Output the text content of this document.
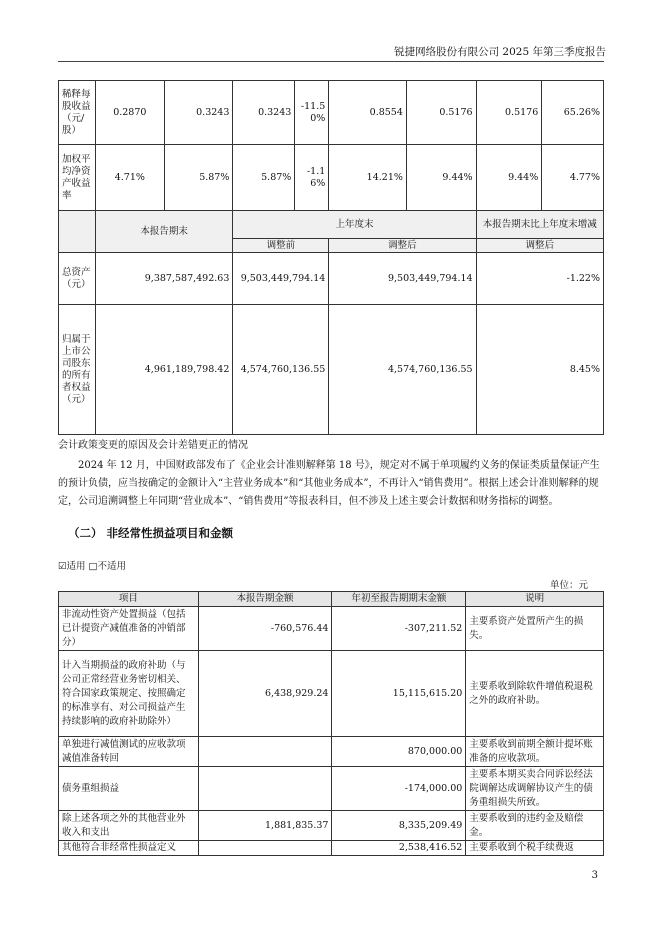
锐捷网络股份有限公司 2025 年第三季度报告
稀释每股收益（元/股）	0.2870	0.3243	0.3243	-11.50%	0.8554	0.5176	0.5176	65.26%
加权平均净资产收益率	4.71%	5.87%	5.87%	-1.16%	14.21%	9.44%	9.44%	4.77%
	本报告期末		上年度末				本报告期末比上年度末增减	
			调整前		调整后		调整后	
总资产（元）	9,387,587,492.63		9,503,449,794.14		9,503,449,794.14		-1.22%	
归属于上市公司股东的所有者权益（元）	4,961,189,798.42		4,574,760,136.55		4,574,760,136.55		8.45%	
会计政策变更的原因及会计差错更正的情况
2024 年 12 月，中国财政部发布了《企业会计准则解释第 18 号》，规定对不属于单项履约义务的保证类质量保证产生的预计负债，应当按确定的金额计入“主营业务成本”和“其他业务成本”，不再计入“销售费用”。根据上述会计准则解释的规定，公司追溯调整上年同期“营业成本”、“销售费用”等报表科目，但不涉及上述主要会计数据和财务指标的调整。
（二） 非经常性损益项目和金额
☑适用 □不适用
单位：元
项目	本报告期金额	年初至报告期期末金额	说明
非流动性资产处置损益（包括已计提资产减值准备的冲销部分）	-760,576.44	-307,211.52	主要系资产处置所产生的损失。
计入当期损益的政府补助（与公司正常经营业务密切相关、符合国家政策规定、按照确定的标准享有、对公司损益产生持续影响的政府补助除外）	6,438,929.24	15,115,615.20	主要系收到除软件增值税退税之外的政府补助。
单独进行减值测试的应收款项减值准备转回		870,000.00	主要系收到前期全额计提坏账准备的应收款项。
债务重组损益		-174,000.00	主要系本期买卖合同诉讼经法院调解达成调解协议产生的债务重组损失所致。
除上述各项之外的其他营业外收入和支出	1,881,835.37	8,335,209.49	主要系收到的违约金及赔偿金。
其他符合非经常性损益定义		2,538,416.52	主要系收到个税手续费返
3
